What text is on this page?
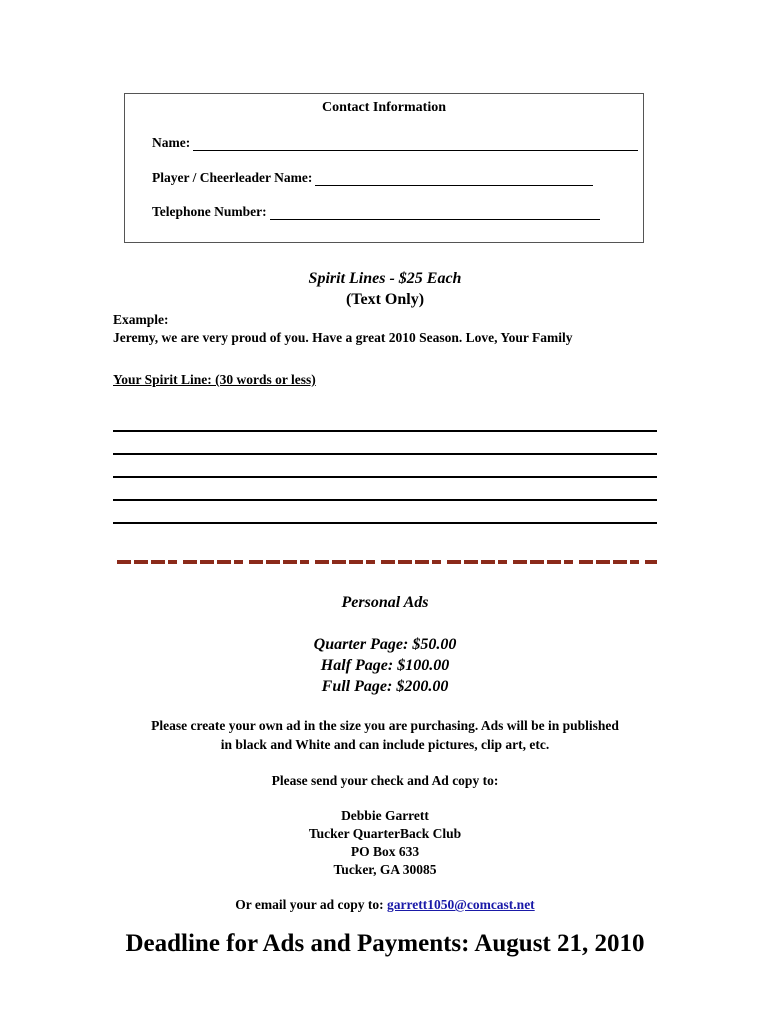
Contact Information
Name:
Player / Cheerleader Name:
Telephone Number:
Spirit Lines - $25 Each
(Text Only)
Example:
Jeremy, we are very proud of you. Have a great 2010 Season. Love, Your Family
Your Spirit Line: (30 words or less)
Personal Ads
Quarter Page: $50.00
Half Page: $100.00
Full Page: $200.00
Please create your own ad in the size you are purchasing. Ads will be in published
in black and White and can include pictures, clip art, etc.
Please send your check and Ad copy to:
Debbie Garrett
Tucker QuarterBack Club
PO Box 633
Tucker, GA 30085
Or email your ad copy to: garrett1050@comcast.net
Deadline for Ads and Payments: August 21, 2010
